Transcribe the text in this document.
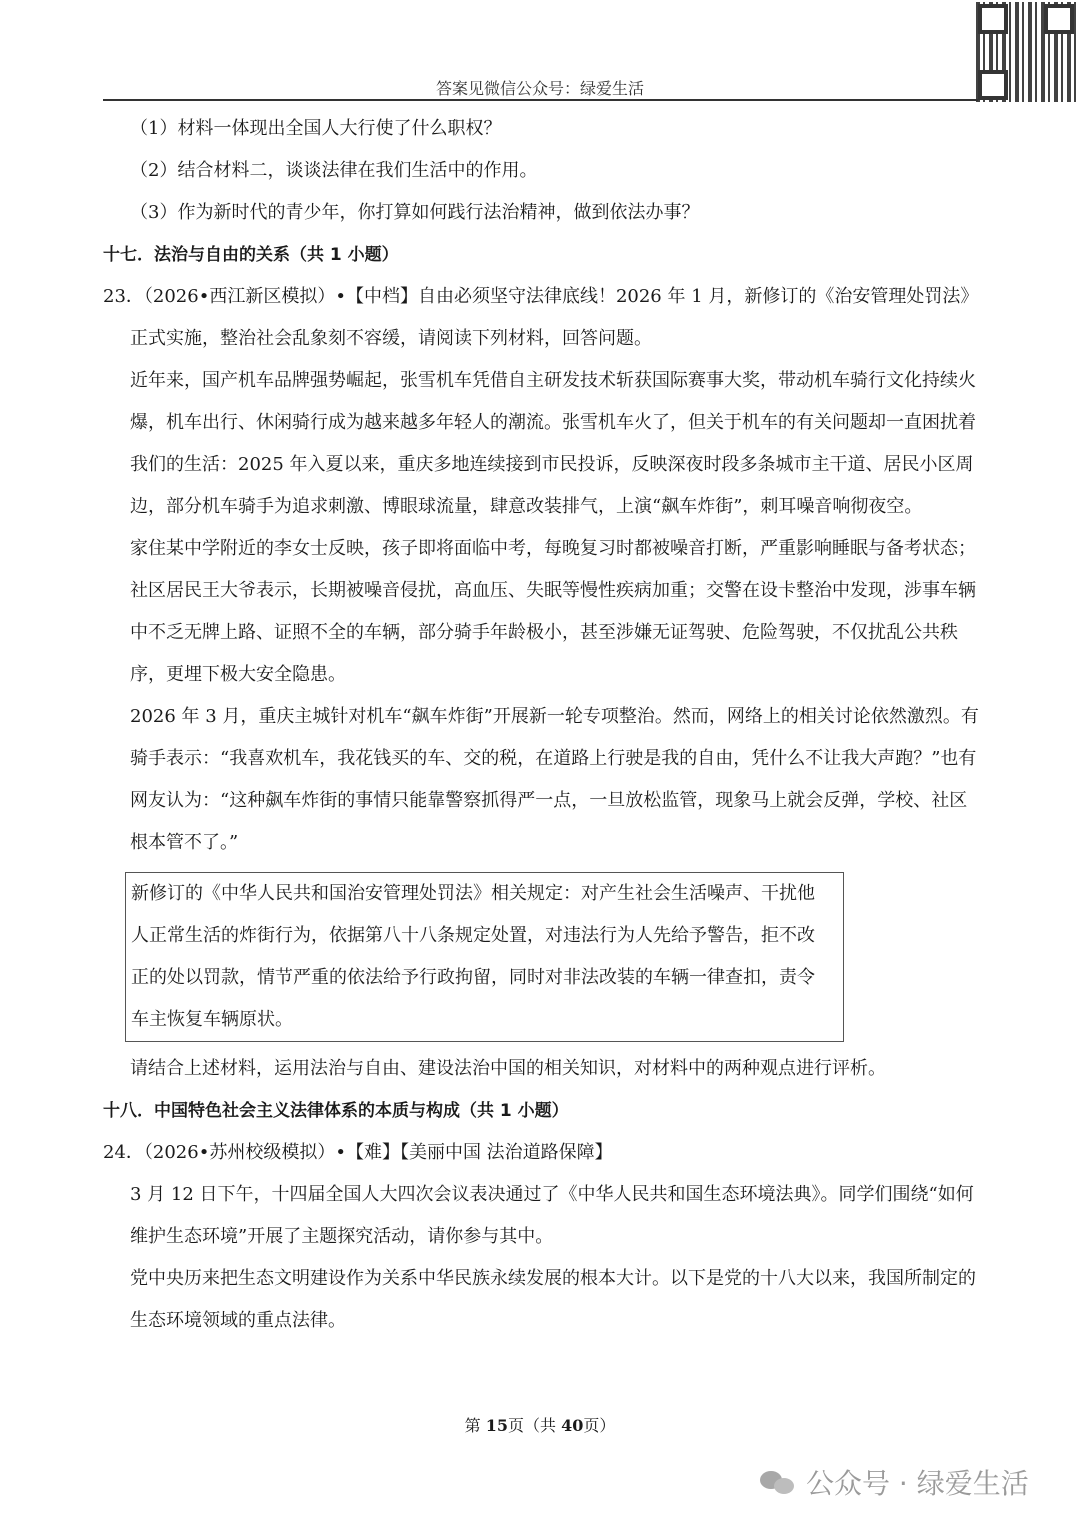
答案见微信公众号：绿爱生活

（1）材料一体现出全国人大行使了什么职权？

（2）结合材料二，谈谈法律在我们生活中的作用。

（3）作为新时代的青少年，你打算如何践行法治精神，做到依法办事？

十七．法治与自由的关系（共 1 小题）

23．（2026•西江新区模拟）•【中档】自由必须坚守法律底线！2026 年 1 月，新修订的《治安管理处罚法》

正式实施，整治社会乱象刻不容缓，请阅读下列材料，回答问题。

近年来，国产机车品牌强势崛起，张雪机车凭借自主研发技术斩获国际赛事大奖，带动机车骑行文化持续火爆，机车出行、休闲骑行成为越来越多年轻人的潮流。张雪机车火了，但关于机车的有关问题却一直困扰着我们的生活：2025 年入夏以来，重庆多地连续接到市民投诉，反映深夜时段多条城市主干道、居民小区周边，部分机车骑手为追求刺激、博眼球流量，肆意改装排气，上演“飙车炸街”，刺耳噪音响彻夜空。

家住某中学附近的李女士反映，孩子即将面临中考，每晚复习时都被噪音打断，严重影响睡眠与备考状态；社区居民王大爷表示，长期被噪音侵扰，高血压、失眠等慢性疾病加重；交警在设卡整治中发现，涉事车辆中不乏无牌上路、证照不全的车辆，部分骑手年龄极小，甚至涉嫌无证驾驶、危险驾驶，不仅扰乱公共秩序，更埋下极大安全隐患。

2026 年 3 月，重庆主城针对机车“飙车炸街”开展新一轮专项整治。然而，网络上的相关讨论依然激烈。有骑手表示：“我喜欢机车，我花钱买的车、交的税，在道路上行驶是我的自由，凭什么不让我大声跑？”也有网友认为：“这种飙车炸街的事情只能靠警察抓得严一点，一旦放松监管，现象马上就会反弹，学校、社区根本管不了。”

新修订的《中华人民共和国治安管理处罚法》相关规定：对产生社会生活噪声、干扰他人正常生活的炸街行为，依据第八十八条规定处置，对违法行为人先给予警告，拒不改正的处以罚款，情节严重的依法给予行政拘留，同时对非法改装的车辆一律查扣，责令车主恢复车辆原状。

请结合上述材料，运用法治与自由、建设法治中国的相关知识，对材料中的两种观点进行评析。

十八．中国特色社会主义法律体系的本质与构成（共 1 小题）

24．（2026•苏州校级模拟）•【难】【美丽中国 法治道路保障】

3 月 12 日下午，十四届全国人大四次会议表决通过了《中华人民共和国生态环境法典》。同学们围绕“如何维护生态环境”开展了主题探究活动，请你参与其中。

党中央历来把生态文明建设作为关系中华民族永续发展的根本大计。以下是党的十八大以来，我国所制定的生态环境领域的重点法律。

第 15页（共 40页）
公众号 · 绿爱生活
